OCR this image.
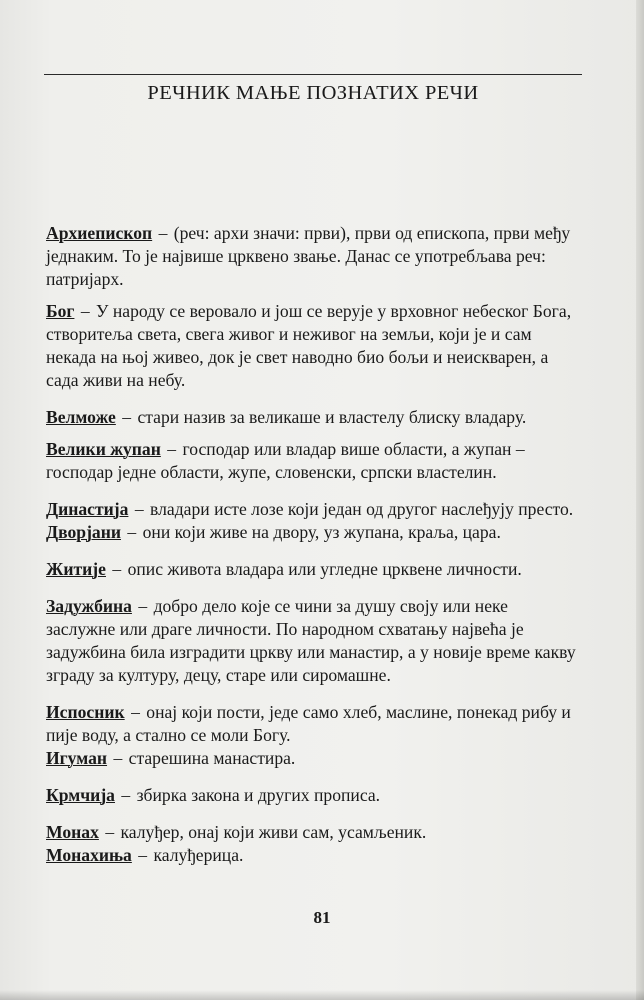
РЕЧНИК МАЊЕ ПОЗНАТИХ РЕЧИ

Архиепископ – (реч: архи значи: први), први од епископа, први међу једнаким. То је највише црквено звање. Данас се употребљава реч: патријарх.

Бог – У народу се веровало и још се верује у врховног небеског Бога, створитеља света, свега живог и неживог на земљи, који је и сам некада на њој живео, док је свет наводно био бољи и неискварен, а сада живи на небу.

Велможе – стари назив за великаше и властелу блиску владару.

Велики жупан – господар или владар више области, а жупан – господар једне области, жупе, словенски, српски властелин.

Династија – владари исте лозе који један од другог наслеђују престо.

Дворјани – они који живе на двору, уз жупана, краља, цара.

Житије – опис живота владара или угледне црквене личности.

Задужбина – добро дело које се чини за душу своју или неке заслужне или драге личности. По народном схватању највећа је задужбина била изградити цркву или манастир, а у новије време какву зграду за културу, децу, старе или сиромашне.

Испосник – онај који пости, једе само хлеб, маслине, понекад рибу и пије воду, а стално се моли Богу.

Игуман – старешина манастира.

Крмчија – збирка закона и других прописа.

Монах – калуђер, онај који живи сам, усамљеник.

Монахиња – калуђерица.

81
